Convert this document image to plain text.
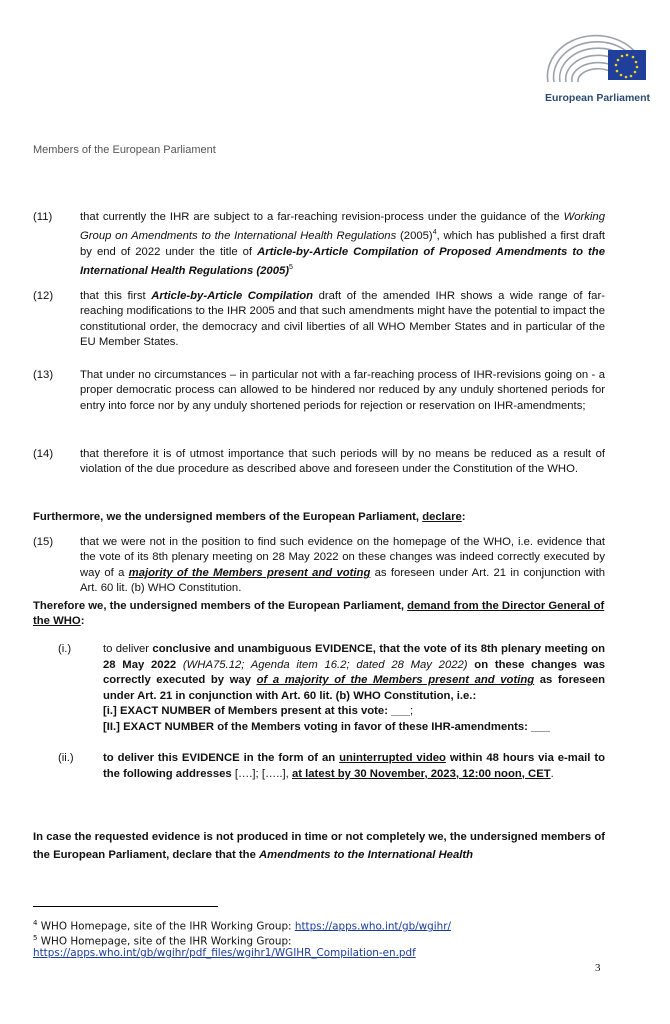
European Parliament
Members of the European Parliament
(11) that currently the IHR are subject to a far-reaching revision-process under the guidance of the Working Group on Amendments to the International Health Regulations $(2005)^4$, which has published a first draft by end of 2022 under the title of Article-by-Article Compilation of Proposed Amendments to the International Health Regulations $(2005)^5$
(12) that this first Article-by-Article Compilation draft of the amended IHR shows a wide range of far-reaching modifications to the IHR 2005 and that such amendments might have the potential to impact the constitutional order, the democracy and civil liberties of all WHO Member States and in particular of the EU Member States.
(13) That under no circumstances – in particular not with a far-reaching process of IHR-revisions going on - a proper democratic process can allowed to be hindered nor reduced by any unduly shortened periods for entry into force nor by any unduly shortened periods for rejection or reservation on IHR-amendments;
(14) that therefore it is of utmost importance that such periods will by no means be reduced as a result of violation of the due procedure as described above and foreseen under the Constitution of the WHO.
Furthermore, we the undersigned members of the European Parliament, declare:
(15) that we were not in the position to find such evidence on the homepage of the WHO, i.e. evidence that the vote of its 8th plenary meeting on 28 May 2022 on these changes was indeed correctly executed by way of a majority of the Members present and voting as foreseen under Art. 21 in conjunction with Art. 60 lit. (b) WHO Constitution.
Therefore we, the undersigned members of the European Parliament, demand from the Director General of the WHO:
(i.)	to deliver conclusive and unambiguous EVIDENCE, that the vote of its 8th plenary meeting on 28 May 2022 (WHA75.12; Agenda item 16.2; dated 28 May 2022) on these changes was correctly executed by way of a majority of the Members present and voting as foreseen under Art. 21 in conjunction with Art. 60 lit. (b) WHO Constitution, i.e.:
[i.] EXACT NUMBER of Members present at this vote: ___;
[II.] EXACT NUMBER of the Members voting in favor of these IHR-amendments: ___
(ii.)	to deliver this EVIDENCE in the form of an uninterrupted video within 48 hours via e-mail to the following addresses [….]; […..], at latest by 30 November, 2023, 12:00 noon, CET.
In case the requested evidence is not produced in time or not completely we, the undersigned members of the European Parliament, declare that the Amendments to the International Health
$^4$ WHO Homepage, site of the IHR Working Group: https://apps.who.int/gb/wgihr/
$^5$ WHO Homepage, site of the IHR Working Group:
https://apps.who.int/gb/wgihr/pdf_files/wgihr1/WGIHR_Compilation-en.pdf
3
